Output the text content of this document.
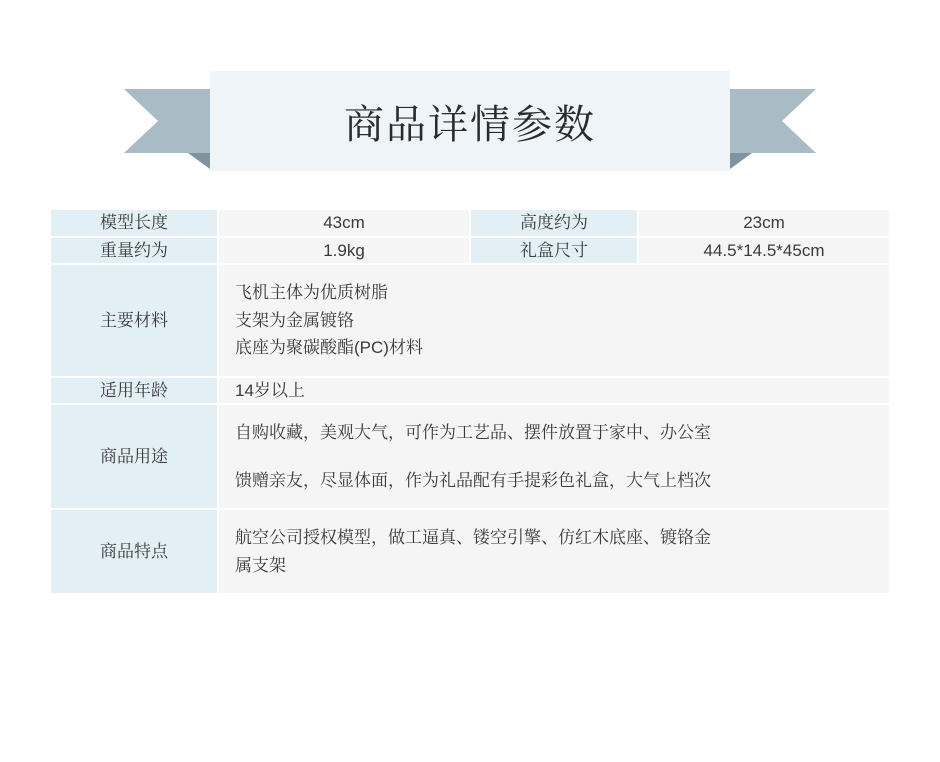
商品详情参数
模型长度	43cm	高度约为	23cm
重量约为	1.9kg	礼盒尺寸	44.5*14.5*45cm
主要材料	飞机主体为优质树脂
支架为金属镀铬
底座为聚碳酸酯(PC)材料		

适用年龄	14岁以上		
商品用途	自购收藏，美观大气，可作为工艺品、摆件放置于家中、办公室
馈赠亲友，尽显体面，作为礼品配有手提彩色礼盒，大气上档次		

商品特点	航空公司授权模型，做工逼真、镂空引擎、仿红木底座、镀铬金
属支架		
